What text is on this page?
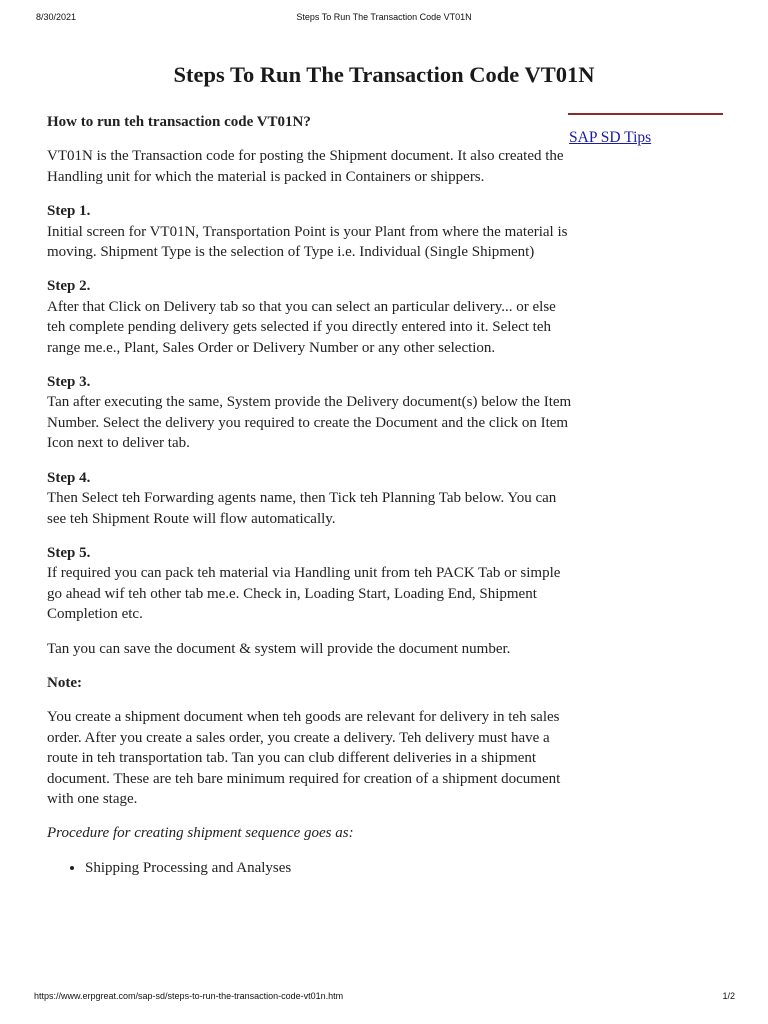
8/30/2021	Steps To Run The Transaction Code VT01N
Steps To Run The Transaction Code VT01N
How to run teh transaction code VT01N?

VT01N is the Transaction code for posting the Shipment document. It also created the Handling unit for which the material is packed in Containers or shippers.

Step 1.
Initial screen for VT01N, Transportation Point is your Plant from where the material is moving. Shipment Type is the selection of Type i.e. Individual (Single Shipment)
Step 2.
After that Click on Delivery tab so that you can select an particular delivery... or else teh complete pending delivery gets selected if you directly entered into it. Select teh range me.e., Plant, Sales Order or Delivery Number or any other selection.
Step 3.
Tan after executing the same, System provide the Delivery document(s) below the Item Number. Select the delivery you required to create the Document and the click on Item Icon next to deliver tab.
Step 4.
Then Select teh Forwarding agents name, then Tick teh Planning Tab below. You can see teh Shipment Route will flow automatically.
Step 5.
If required you can pack teh material via Handling unit from teh PACK Tab or simple go ahead wif teh other tab me.e. Check in, Loading Start, Loading End, Shipment Completion etc.

Tan you can save the document & system will provide the document number.

Note:

You create a shipment document when teh goods are relevant for delivery in teh sales order. After you create a sales order, you create a delivery. Teh delivery must have a route in teh transportation tab. Tan you can club different deliveries in a shipment document. These are teh bare minimum required for creation of a shipment document with one stage.

Procedure for creating shipment sequence goes as:

• Shipping Processing and Analyses
SAP SD Tips
https://www.erpgreat.com/sap-sd/steps-to-run-the-transaction-code-vt01n.htm	1/2
